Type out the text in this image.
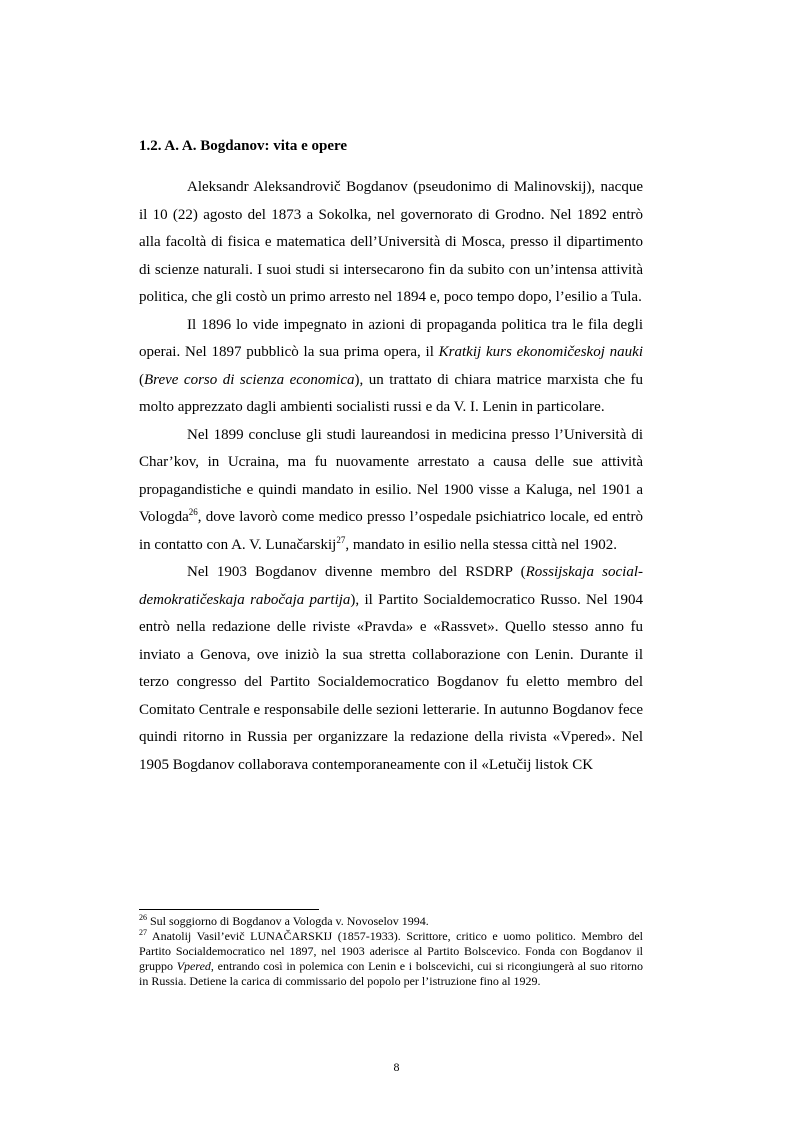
1.2. A. A. Bogdanov: vita e opere

Aleksandr Aleksandrovič Bogdanov (pseudonimo di Malinovskij), nacque il 10 (22) agosto del 1873 a Sokolka, nel governorato di Grodno. Nel 1892 entrò alla facoltà di fisica e matematica dell’Università di Mosca, presso il dipartimento di scienze naturali. I suoi studi si intersecarono fin da subito con un’intensa attività politica, che gli costò un primo arresto nel 1894 e, poco tempo dopo, l’esilio a Tula.

Il 1896 lo vide impegnato in azioni di propaganda politica tra le fila degli operai. Nel 1897 pubblicò la sua prima opera, il Kratkij kurs ekonomičeskoj nauki (Breve corso di scienza economica), un trattato di chiara matrice marxista che fu molto apprezzato dagli ambienti socialisti russi e da V. I. Lenin in particolare.

Nel 1899 concluse gli studi laureandosi in medicina presso l’Università di Char’kov, in Ucraina, ma fu nuovamente arrestato a causa delle sue attività propagandistiche e quindi mandato in esilio. Nel 1900 visse a Kaluga, nel 1901 a Vologda$^{26}$, dove lavorò come medico presso l’ospedale psichiatrico locale, ed entrò in contatto con A. V. Lunačarskij$^{27}$, mandato in esilio nella stessa città nel 1902.

Nel 1903 Bogdanov divenne membro del RSDRP (Rossijskaja social-demokratičeskaja rabočaja partija), il Partito Socialdemocratico Russo. Nel 1904 entrò nella redazione delle riviste «Pravda» e «Rassvet». Quello stesso anno fu inviato a Genova, ove iniziò la sua stretta collaborazione con Lenin. Durante il terzo congresso del Partito Socialdemocratico Bogdanov fu eletto membro del Comitato Centrale e responsabile delle sezioni letterarie. In autunno Bogdanov fece quindi ritorno in Russia per organizzare la redazione della rivista «Vpered». Nel 1905 Bogdanov collaborava contemporaneamente con il «Letučij listok CK

$^{26}$ Sul soggiorno di Bogdanov a Vologda v. Novoselov 1994.

$^{27}$ Anatolij Vasil’evič LUNAČARSKIJ (1857-1933). Scrittore, critico e uomo politico. Membro del Partito Socialdemocratico nel 1897, nel 1903 aderisce al Partito Bolscevico. Fonda con Bogdanov il gruppo Vpered, entrando così in polemica con Lenin e i bolscevichi, cui si ricongiungerà al suo ritorno in Russia. Detiene la carica di commissario del popolo per l’istruzione fino al 1929.

8
